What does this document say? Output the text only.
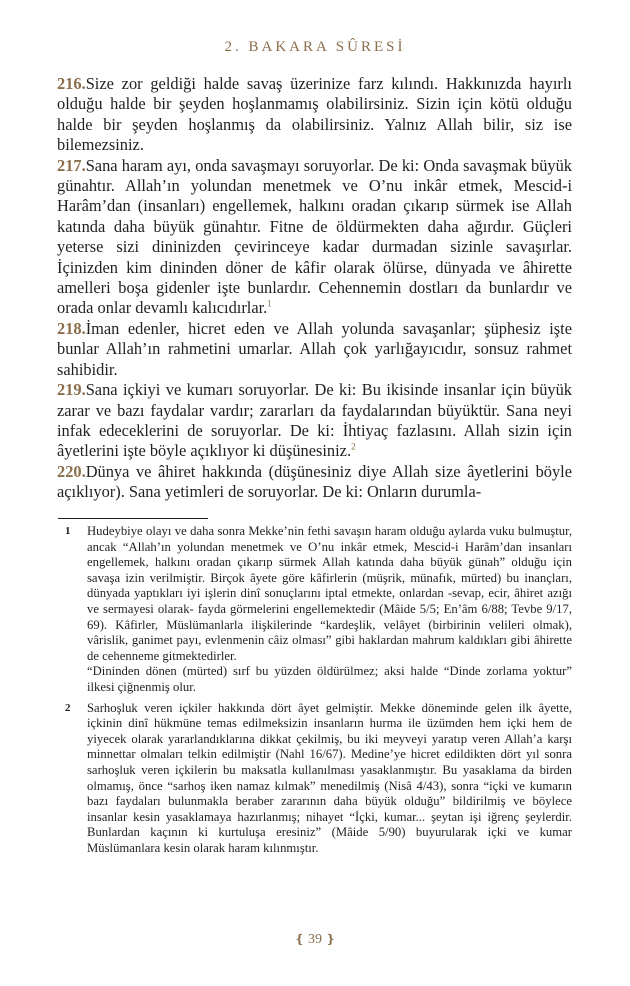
2. BAKARA SÛRESİ

216.Size zor geldiği halde savaş üzerinize farz kılındı. Hakkınızda hayırlı olduğu halde bir şeyden hoşlanmamış olabilirsiniz. Sizin için kötü olduğu halde bir şeyden hoşlanmış da olabilirsiniz. Yalnız Allah bilir, siz ise bilemezsiniz.

217.Sana haram ayı, onda savaşmayı soruyorlar. De ki: Onda savaşmak büyük günahtır. Allah’ın yolundan menetmek ve O’nu inkâr etmek, Mescid-i Harâm’dan (insanları) engellemek, halkını oradan çıkarıp sürmek ise Allah katında daha büyük günahtır. Fitne de öldürmekten daha ağırdır. Güçleri yeterse sizi dininizden çevirinceye kadar durmadan sizinle savaşırlar. İçinizden kim dininden döner de kâfir olarak ölürse, dünyada ve âhirette amelleri boşa gidenler işte bunlardır. Cehennemin dostları da bunlardır ve orada onlar devamlı kalıcıdırlar.$^1$

218.İman edenler, hicret eden ve Allah yolunda savaşanlar; şüphesiz işte bunlar Allah’ın rahmetini umarlar. Allah çok yarlığayıcıdır, sonsuz rahmet sahibidir.

219.Sana içkiyi ve kumarı soruyorlar. De ki: Bu ikisinde insanlar için büyük zarar ve bazı faydalar vardır; zararları da faydalarından büyüktür. Sana neyi infak edeceklerini de soruyorlar. De ki: İhtiyaç fazlasını. Allah sizin için âyetlerini işte böyle açıklıyor ki düşünesiniz.$^2$

220.Dünya ve âhiret hakkında (düşünesiniz diye Allah size âyetlerini böyle açıklıyor). Sana yetimleri de soruyorlar. De ki: Onların durumla-

1 Hudeybiye olayı ve daha sonra Mekke’nin fethi savaşın haram olduğu aylarda vuku bulmuştur, ancak “Allah’ın yolundan menetmek ve O’nu inkâr etmek, Mescid-i Harâm’dan insanları engellemek, halkını oradan çıkarıp sürmek Allah katında daha büyük günah” olduğu için savaşa izin verilmiştir. Birçok âyete göre kâfirlerin (müşrik, münafık, mürted) bu inançları, dünyada yaptıkları iyi işlerin dinî sonuçlarını iptal etmekte, onlardan -sevap, ecir, âhiret azığı ve sermayesi olarak- fayda görmelerini engellemektedir (Mâide 5/5; En’âm 6/88; Tevbe 9/17, 69). Kâfirler, Müslümanlarla ilişkilerinde “kardeşlik, velâyet (birbirinin velileri olmak), vârislik, ganimet payı, evlenmenin câiz olması” gibi haklardan mahrum kaldıkları gibi âhirette de cehenneme gitmektedirler.

“Dininden dönen (mürted) sırf bu yüzden öldürülmez; aksi halde “Dinde zorlama yoktur” ilkesi çiğnenmiş olur.

2 Sarhoşluk veren içkiler hakkında dört âyet gelmiştir. Mekke döneminde gelen ilk âyette, içkinin dinî hükmüne temas edilmeksizin insanların hurma ile üzümden hem içki hem de yiyecek olarak yararlandıklarına dikkat çekilmiş, bu iki meyveyi yaratıp veren Allah’a karşı minnettar olmaları telkin edilmiştir (Nahl 16/67). Medine’ye hicret edildikten dört yıl sonra sarhoşluk veren içkilerin bu maksatla kullanılması yasaklanmıştır. Bu yasaklama da birden olmamış, önce “sarhoş iken namaz kılmak” menedilmiş (Nisâ 4/43), sonra “içki ve kumarın bazı faydaları bulunmakla beraber zararının daha büyük olduğu” bildirilmiş ve böylece insanlar kesin yasaklamaya hazırlanmış; nihayet “İçki, kumar... şeytan işi iğrenç şeylerdir. Bunlardan kaçının ki kurtuluşa eresiniz” (Mâide 5/90) buyurularak içki ve kumar Müslümanlara kesin olarak haram kılınmıştır.

❴ 39 ❵
